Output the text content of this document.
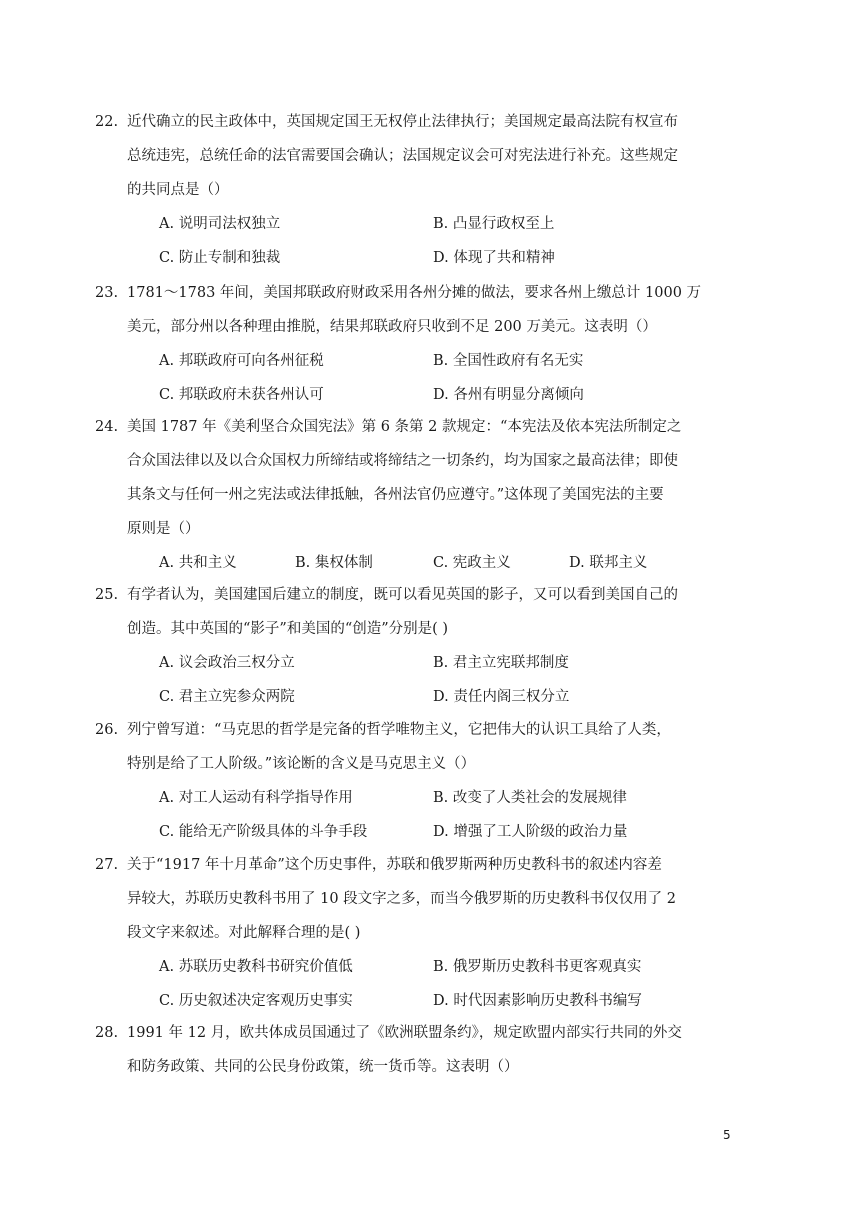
22. 近代确立的民主政体中，英国规定国王无权停止法律执行；美国规定最高法院有权宣布
总统违宪，总统任命的法官需要国会确认；法国规定议会可对宪法进行补充。这些规定
的共同点是（）
A. 说明司法权独立	B. 凸显行政权至上
C. 防止专制和独裁	D. 体现了共和精神
23. 1781～1783 年间，美国邦联政府财政采用各州分摊的做法，要求各州上缴总计 1000 万
美元，部分州以各种理由推脱，结果邦联政府只收到不足 200 万美元。这表明（）
A. 邦联政府可向各州征税	B. 全国性政府有名无实
C. 邦联政府未获各州认可	D. 各州有明显分离倾向
24. 美国 1787 年《美利坚合众国宪法》第 6 条第 2 款规定：“本宪法及依本宪法所制定之
合众国法律以及以合众国权力所缔结或将缔结之一切条约，均为国家之最高法律；即使
其条文与任何一州之宪法或法律抵触，各州法官仍应遵守。”这体现了美国宪法的主要
原则是（）
A. 共和主义	B. 集权体制	C. 宪政主义	D. 联邦主义
25. 有学者认为，美国建国后建立的制度，既可以看见英国的影子，又可以看到美国自己的
创造。其中英国的“影子”和美国的“创造”分别是( )
A. 议会政治三权分立	B. 君主立宪联邦制度
C. 君主立宪参众两院	D. 责任内阁三权分立
26. 列宁曾写道：“马克思的哲学是完备的哲学唯物主义，它把伟大的认识工具给了人类，
特别是给了工人阶级。”该论断的含义是马克思主义（）
A. 对工人运动有科学指导作用	B. 改变了人类社会的发展规律
C. 能给无产阶级具体的斗争手段	D. 增强了工人阶级的政治力量
27. 关于“1917 年十月革命”这个历史事件，苏联和俄罗斯两种历史教科书的叙述内容差
异较大，苏联历史教科书用了 10 段文字之多，而当今俄罗斯的历史教科书仅仅用了 2
段文字来叙述。对此解释合理的是( )
A. 苏联历史教科书研究价值低	B. 俄罗斯历史教科书更客观真实
C. 历史叙述决定客观历史事实	D. 时代因素影响历史教科书编写
28. 1991 年 12 月，欧共体成员国通过了《欧洲联盟条约》，规定欧盟内部实行共同的外交
和防务政策、共同的公民身份政策，统一货币等。这表明（）
5
